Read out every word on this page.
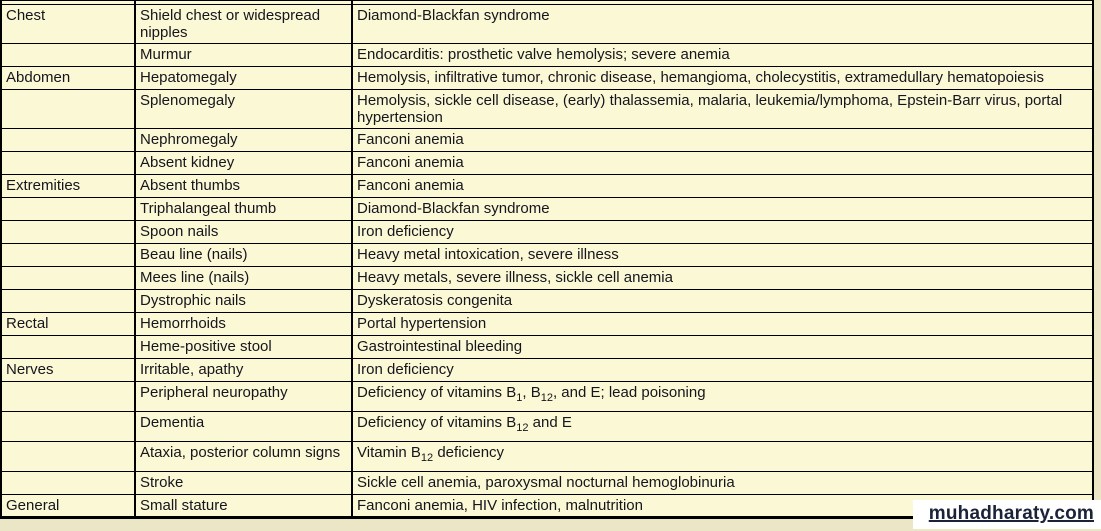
Chest	Shield chest or widespread nipples	Diamond-Blackfan syndrome
	Murmur	Endocarditis: prosthetic valve hemolysis; severe anemia
Abdomen	Hepatomegaly	Hemolysis, infiltrative tumor, chronic disease, hemangioma, cholecystitis, extramedullary hematopoiesis
	Splenomegaly	Hemolysis, sickle cell disease, (early) thalassemia, malaria, leukemia/lymphoma, Epstein-Barr virus, portal hypertension
	Nephromegaly	Fanconi anemia
	Absent kidney	Fanconi anemia
Extremities	Absent thumbs	Fanconi anemia
	Triphalangeal thumb	Diamond-Blackfan syndrome
	Spoon nails	Iron deficiency
	Beau line (nails)	Heavy metal intoxication, severe illness
	Mees line (nails)	Heavy metals, severe illness, sickle cell anemia
	Dystrophic nails	Dyskeratosis congenita
Rectal	Hemorrhoids	Portal hypertension
	Heme-positive stool	Gastrointestinal bleeding
Nerves	Irritable, apathy	Iron deficiency
	Peripheral neuropathy	Deficiency of vitamins $B_1$, $B_{12}$, and E; lead poisoning
	Dementia	Deficiency of vitamins $B_{12}$ and E
	Ataxia, posterior column signs	Vitamin $B_{12}$ deficiency
	Stroke	Sickle cell anemia, paroxysmal nocturnal hemoglobinuria
General	Small stature	Fanconi anemia, HIV infection, malnutrition	muhadharaty.com
